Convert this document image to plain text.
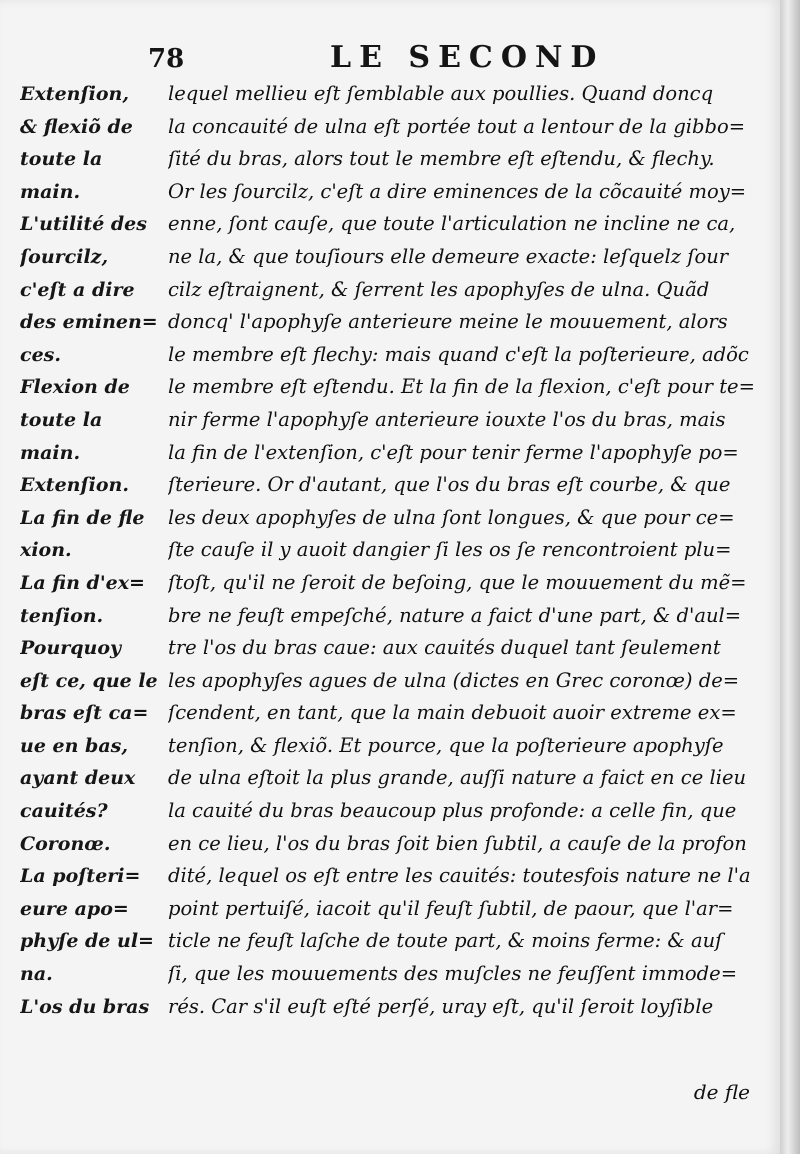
78	LE SECOND
Extenſion,
& flexiõ de
toute la
main.
L'utilité des
ſourcilz,
c'eſt a dire
des eminen=
ces.
Flexion de
toute la
main.
Extenſion.
La fin de fle
xion.
La fin d'ex=
tenſion.
Pourquoy
eſt ce, que le
bras eſt ca=
ue en bas,
ayant deux
cauités?
Coronœ.
La poſteri=
eure apo=
phyſe de ul=
na.
L'os du bras
lequel mellieu eſt ſemblable aux poullies. Quand doncq
la concauité de ulna eſt portée tout a lentour de la gibbo=
ſité du bras, alors tout le membre eſt eſtendu, & flechy.
Or les ſourcilz, c'eſt a dire eminences de la cõcauité moy=
enne, ſont cauſe, que toute l'articulation ne incline ne ca,
ne la, & que touſiours elle demeure exacte: leſquelz ſour
cilz eſtraignent, & ſerrent les apophyſes de ulna. Quãd
doncq' l'apophyſe anterieure meine le mouuement, alors
le membre eſt flechy: mais quand c'eſt la poſterieure, adõc
le membre eſt eſtendu. Et la fin de la flexion, c'eſt pour te=
nir ferme l'apophyſe anterieure iouxte l'os du bras, mais
la fin de l'extenſion, c'eſt pour tenir ferme l'apophyſe po=
ſterieure. Or d'autant, que l'os du bras eſt courbe, & que
les deux apophyſes de ulna ſont longues, & que pour ce=
ſte cauſe il y auoit dangier ſi les os ſe rencontroient plu=
ſtoſt, qu'il ne ſeroit de beſoing, que le mouuement du mẽ=
bre ne feuſt empeſché, nature a faict d'une part, & d'aul=
tre l'os du bras caue: aux cauités duquel tant ſeulement
les apophyſes agues de ulna (dictes en Grec coronœ) de=
ſcendent, en tant, que la main debuoit auoir extreme ex=
tenſion, & flexiõ. Et pource, que la poſterieure apophyſe
de ulna eſtoit la plus grande, auſſi nature a faict en ce lieu
la cauité du bras beaucoup plus profonde: a celle fin, que
en ce lieu, l'os du bras ſoit bien ſubtil, a cauſe de la profon
dité, lequel os eſt entre les cauités: toutesfois nature ne l'a
point pertuiſé, iacoit qu'il feuſt ſubtil, de paour, que l'ar=
ticle ne feuſt laſche de toute part, & moins ferme: & auſ
ſi, que les mouuements des muſcles ne feuſſent immode=
rés. Car s'il euſt eſté perſé, uray eſt, qu'il ſeroit loyſible
de fle
